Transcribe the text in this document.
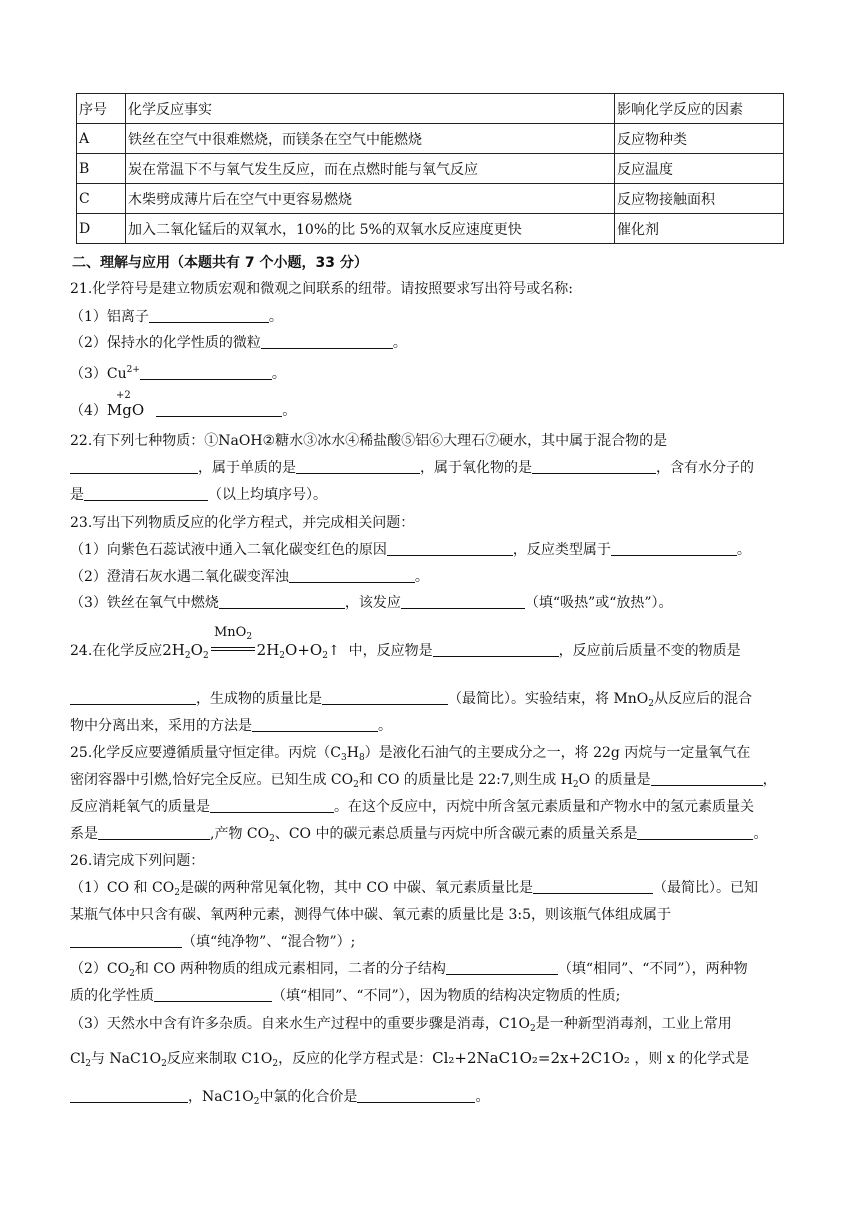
序号	化学反应事实	影响化学反应的因素
A	铁丝在空气中很难燃烧，而镁条在空气中能燃烧	反应物种类
B	炭在常温下不与氧气发生反应，而在点燃时能与氧气反应	反应温度
C	木柴劈成薄片后在空气中更容易燃烧	反应物接触面积
D	加入二氧化锰后的双氧水，10%的比 5%的双氧水反应速度更快	催化剂
二、理解与应用（本题共有 7 个小题，33 分）
21.化学符号是建立物质宏观和微观之间联系的纽带。请按照要求写出符号或名称:
（1）铝离子	。
（2）保持水的化学性质的微粒	。
$(3)Cu^{2+}$	。
+2
（4）MgO	。
22.有下列七种物质：①NaOH②糖水③冰水④稀盐酸⑤铝⑥大理石⑦硬水，其中属于混合物的是
，属于单质的是	，属于氧化物的是	，含有水分子的
是	（以上均填序号）。
23.写出下列物质反应的化学方程式，并完成相关问题：
（1）向紫色石蕊试液中通入二氧化碳变红色的原因	，反应类型属于	。
（2）澄清石灰水遇二氧化碳变浑浊	。
（3）铁丝在氧气中燃烧	，该发应	（填“吸热”或“放热”）。
MnO$_2$
24.在化学反应$2H_2O_2$	$2H_2O+O_2↑$ 中，反应物是	，反应前后质量不变的物质是
，生成物的质量比是	（最简比）。实验结束，将 MnO$_2$从反应后的混合
物中分离出来，采用的方法是	。
25.化学反应要遵循质量守恒定律。丙烷$(C_3H_8)$是液化石油气的主要成分之一，将 22g 丙烷与一定量氧气在
密闭容器中引燃,恰好完全反应。已知生成 $CO_2$和 CO 的质量比是 22:7,则生成 $H_2O$ 的质量是	，
反应消耗氧气的质量是	。在这个反应中，丙烷中所含氢元素质量和产物水中的氢元素质量关
系是	,产物 $CO_2$、CO 中的碳元素总质量与丙烷中所含碳元素的质量关系是	。
26.请完成下列问题：
（1）CO 和 $CO_2$是碳的两种常见氧化物，其中 CO 中碳、氧元素质量比是	（最简比）。已知
某瓶气体中只含有碳、氧两种元素，测得气体中碳、氧元素的质量比是 3:5，则该瓶气体组成属于
（填“纯净物”、“混合物”）;
$(2)CO_2$和 CO 两种物质的组成元素相同，二者的分子结构	（填“相同”、“不同”），两种物
质的化学性质	（填“相同”、“不同”），因为物质的结构决定物质的性质;
（3）天然水中含有许多杂质。自来水生产过程中的重要步骤是消毒，$C1O_2$是一种新型消毒剂，工业上常用
$Cl_2$与 $NaC1O_2$反应来制取 $C1O_2$，反应的化学方程式是：Cl₂+2NaC1O₂=2x+2C1O₂ ，则 x 的化学式是
，$NaC1O_2$中氯的化合价是	。
